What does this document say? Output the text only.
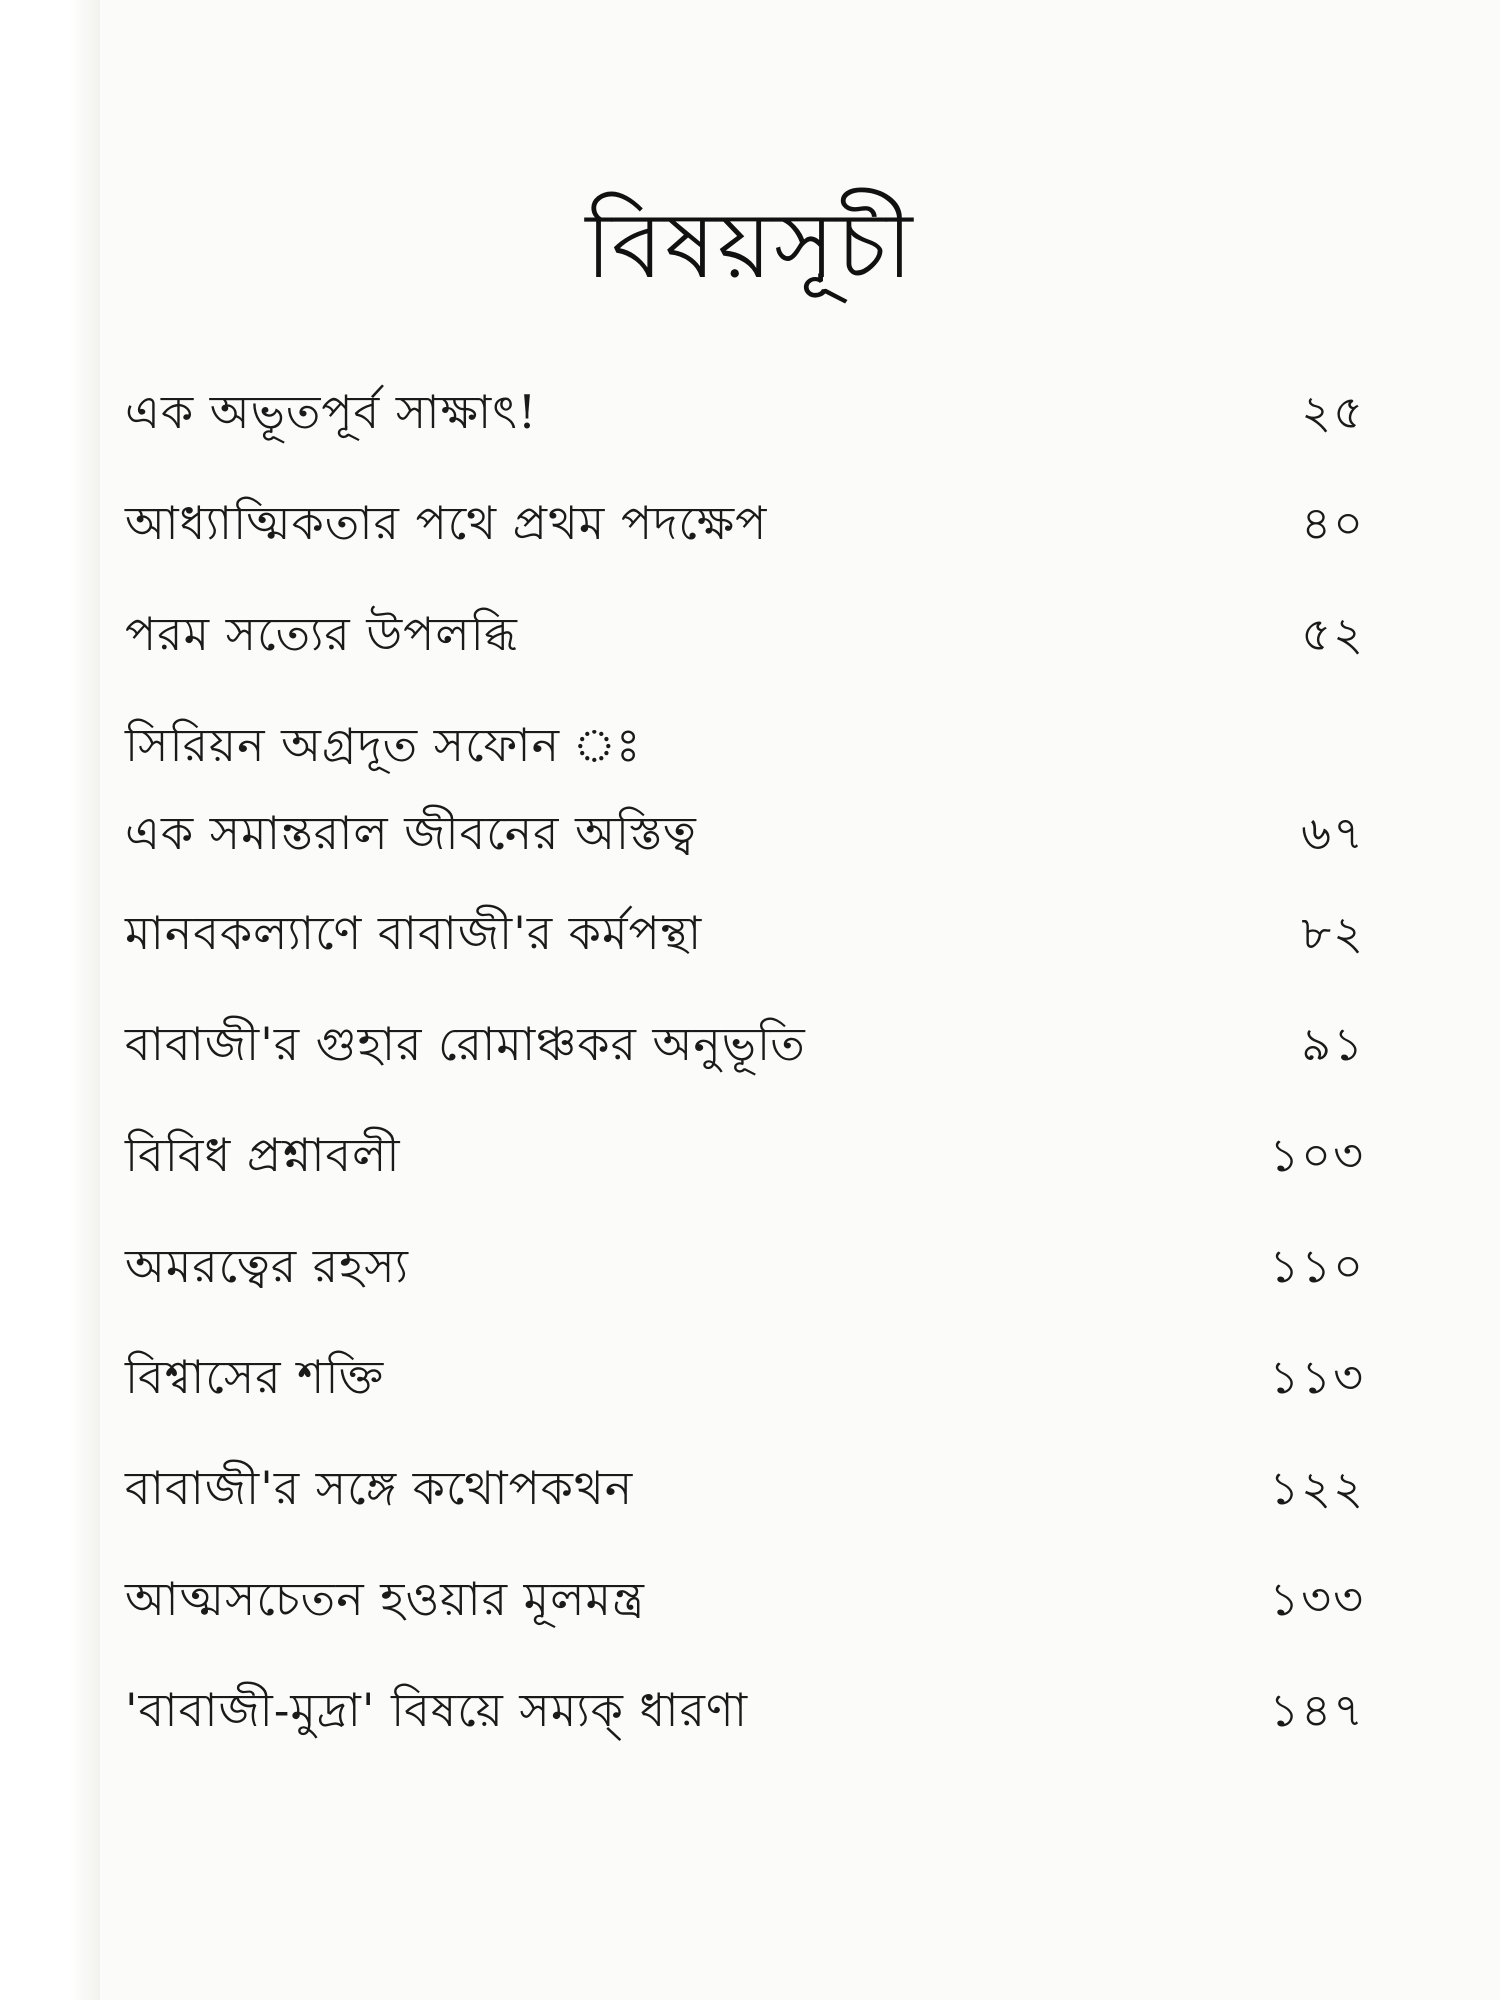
বিষয়সূচী
এক অভূতপূর্ব সাক্ষাৎ!	২৫
আধ্যাত্মিকতার পথে প্রথম পদক্ষেপ	৪০
পরম সত্যের উপলব্ধি	৫২
সিরিয়ন অগ্রদূত সফোন ঃ
এক সমান্তরাল জীবনের অস্তিত্ব	৬৭
মানবকল্যাণে বাবাজী'র কর্মপন্থা	৮২
বাবাজী'র গুহার রোমাঞ্চকর অনুভূতি	৯১
বিবিধ প্রশ্নাবলী	১০৩
অমরত্বের রহস্য	১১০
বিশ্বাসের শক্তি	১১৩
বাবাজী'র সঙ্গে কথোপকথন	১২২
আত্মসচেতন হওয়ার মূলমন্ত্র	১৩৩
'বাবাজী-মুদ্রা' বিষয়ে সম্যক্ ধারণা	১৪৭
